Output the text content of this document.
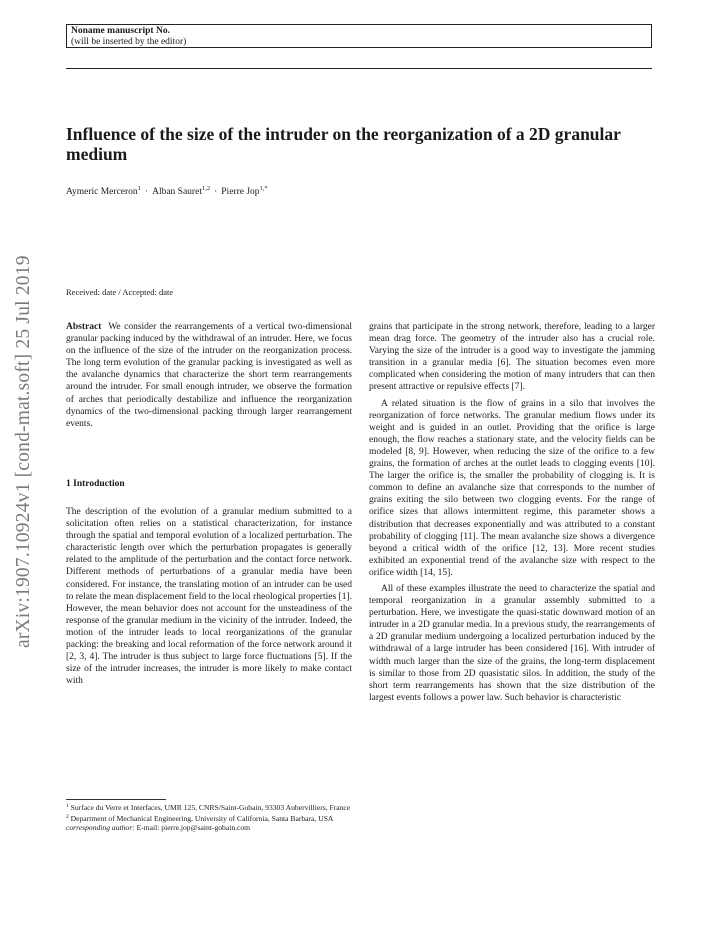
arXiv:1907.10924v1 [cond-mat.soft] 25 Jul 2019
Noname manuscript No.
(will be inserted by the editor)
Influence of the size of the intruder on the reorganization of a 2D granular medium
Aymeric Merceron$^1$ · Alban Sauret$^{1,2}$ · Pierre Jop$^{1,*}$
Received: date / Accepted: date

Abstract We consider the rearrangements of a vertical two-dimensional granular packing induced by the withdrawal of an intruder. Here, we focus on the influence of the size of the intruder on the reorganization process. The long term evolution of the granular packing is investigated as well as the avalanche dynamics that characterize the short term rearrangements around the intruder. For small enough intruder, we observe the formation of arches that periodically destabilize and influence the reorganization dynamics of the two-dimensional packing through larger rearrangement events.

1 Introduction

The description of the evolution of a granular medium submitted to a solicitation often relies on a statistical characterization, for instance through the spatial and temporal evolution of a localized perturbation. The characteristic length over which the perturbation propagates is generally related to the amplitude of the perturbation and the contact force network. Different methods of perturbations of a granular media have been considered. For instance, the translating motion of an intruder can be used to relate the mean displacement field to the local rheological properties [1]. However, the mean behavior does not account for the unsteadiness of the response of the granular medium in the vicinity of the intruder. Indeed, the motion of the intruder leads to local reorganizations of the granular packing: the breaking and local reformation of the force network around it [2, 3, 4]. The intruder is thus subject to large force fluctuations [5]. If the size of the intruder increases, the intruder is more likely to make contact with

$^1$ Surface du Verre et Interfaces, UMR 125, CNRS/Saint-Gobain, 93303 Aubervilliers, France

$^2$ Department of Mechanical Engineering, University of California, Santa Barbara, USA

corresponding author: E-mail: pierre.jop@saint-gobain.com

grains that participate in the strong network, therefore, leading to a larger mean drag force. The geometry of the intruder also has a crucial role. Varying the size of the intruder is a good way to investigate the jamming transition in a granular media [6]. The situation becomes even more complicated when considering the motion of many intruders that can then present attractive or repulsive effects [7].

A related situation is the flow of grains in a silo that involves the reorganization of force networks. The granular medium flows under its weight and is guided in an outlet. Providing that the orifice is large enough, the flow reaches a stationary state, and the velocity fields can be modeled [8, 9]. However, when reducing the size of the orifice to a few grains, the formation of arches at the outlet leads to clogging events [10]. The larger the orifice is, the smaller the probability of clogging is. It is common to define an avalanche size that corresponds to the number of grains exiting the silo between two clogging events. For the range of orifice sizes that allows intermittent regime, this parameter shows a distribution that decreases exponentially and was attributed to a constant probability of clogging [11]. The mean avalanche size shows a divergence beyond a critical width of the orifice [12, 13]. More recent studies exhibited an exponential trend of the avalanche size with respect to the orifice width [14, 15].

All of these examples illustrate the need to characterize the spatial and temporal reorganization in a granular assembly submitted to a perturbation. Here, we investigate the quasi-static downward motion of an intruder in a 2D granular media. In a previous study, the rearrangements of a 2D granular medium undergoing a localized perturbation induced by the withdrawal of a large intruder has been considered [16]. With intruder of width much larger than the size of the grains, the long-term displacement is similar to those from 2D quasistatic silos. In addition, the study of the short term rearrangements has shown that the size distribution of the largest events follows a power law. Such behavior is characteristic
